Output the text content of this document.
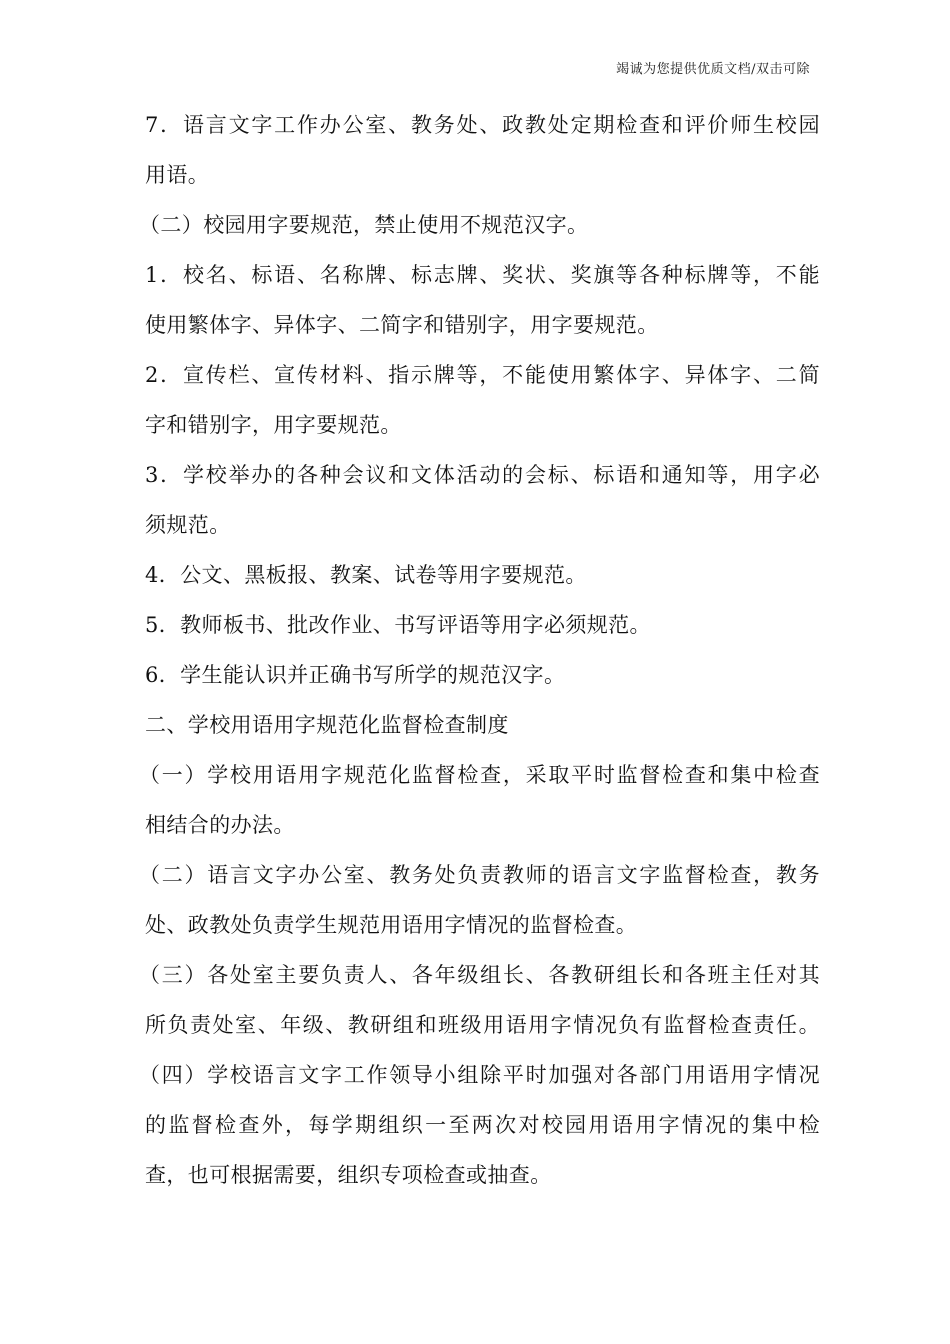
竭诚为您提供优质文档/双击可除
7．语言文字工作办公室、教务处、政教处定期检查和评价师生校园
用语。
（二）校园用字要规范，禁止使用不规范汉字。
1．校名、标语、名称牌、标志牌、奖状、奖旗等各种标牌等，不能
使用繁体字、异体字、二简字和错别字，用字要规范。
2．宣传栏、宣传材料、指示牌等，不能使用繁体字、异体字、二简
字和错别字，用字要规范。
3．学校举办的各种会议和文体活动的会标、标语和通知等，用字必
须规范。
4．公文、黑板报、教案、试卷等用字要规范。
5．教师板书、批改作业、书写评语等用字必须规范。
6．学生能认识并正确书写所学的规范汉字。
二、学校用语用字规范化监督检查制度
（一）学校用语用字规范化监督检查，采取平时监督检查和集中检查
相结合的办法。
（二）语言文字办公室、教务处负责教师的语言文字监督检查，教务
处、政教处负责学生规范用语用字情况的监督检查。
（三）各处室主要负责人、各年级组长、各教研组长和各班主任对其
所负责处室、年级、教研组和班级用语用字情况负有监督检查责任。
（四）学校语言文字工作领导小组除平时加强对各部门用语用字情况
的监督检查外，每学期组织一至两次对校园用语用字情况的集中检
查，也可根据需要，组织专项检查或抽查。
